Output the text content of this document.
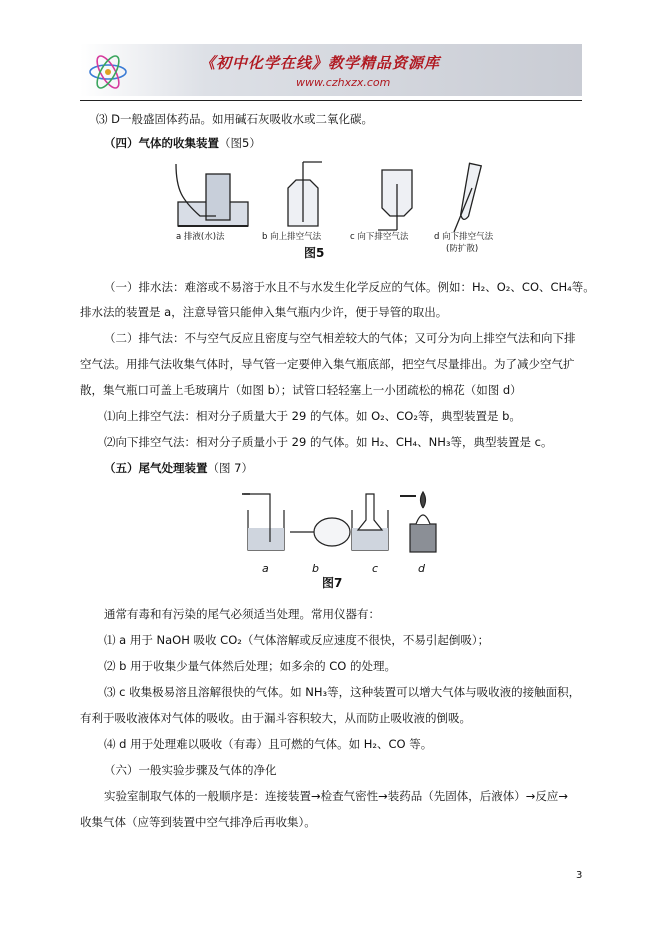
《初中化学在线》教学精品资源库
www.czhxzx.com
⑶ D一般盛固体药品。如用碱石灰吸收水或二氧化碳。
（四）气体的收集装置（图5）
a 排液(水)法	b 向上排空气法	c 向下排空气法	d 向下排空气法
(防扩散)
图5
（一）排水法：难溶或不易溶于水且不与水发生化学反应的气体。例如：H₂、O₂、CO、CH₄等。
排水法的装置是 a，注意导管只能伸入集气瓶内少许，便于导管的取出。
（二）排气法：不与空气反应且密度与空气相差较大的气体；又可分为向上排空气法和向下排
空气法。用排气法收集气体时，导气管一定要伸入集气瓶底部，把空气尽量排出。为了减少空气扩
散，集气瓶口可盖上毛玻璃片（如图 b）；试管口轻轻塞上一小团疏松的棉花（如图 d）
⑴向上排空气法：相对分子质量大于 29 的气体。如 O₂、CO₂等，典型装置是 b。
⑵向下排空气法：相对分子质量小于 29 的气体。如 H₂、CH₄、NH₃等，典型装置是 c。
（五）尾气处理装置（图 7）
a	b	c	d
图7
通常有毒和有污染的尾气必须适当处理。常用仪器有：
⑴ a 用于 NaOH 吸收 CO₂（气体溶解或反应速度不很快，不易引起倒吸）；
⑵ b 用于收集少量气体然后处理；如多余的 CO 的处理。
⑶ c 收集极易溶且溶解很快的气体。如 NH₃等，这种装置可以增大气体与吸收液的接触面积，
有利于吸收液体对气体的吸收。由于漏斗容积较大，从而防止吸收液的倒吸。
⑷ d 用于处理难以吸收（有毒）且可燃的气体。如 H₂、CO 等。
（六）一般实验步骤及气体的净化
实验室制取气体的一般顺序是：连接装置→检查气密性→装药品（先固体，后液体）→反应→
收集气体（应等到装置中空气排净后再收集）。
3
